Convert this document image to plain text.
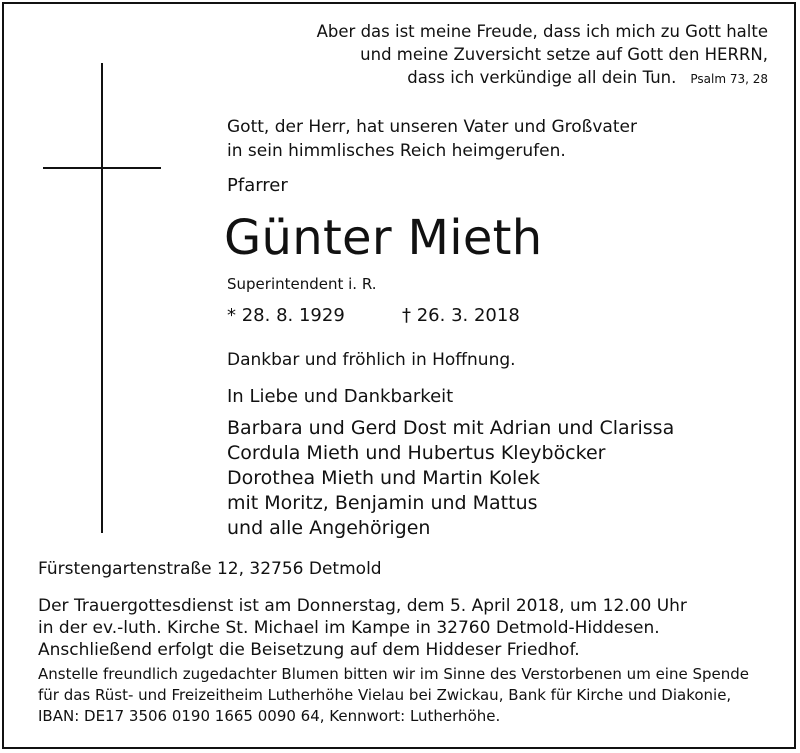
Aber das ist meine Freude, dass ich mich zu Gott halte
und meine Zuversicht setze auf Gott den HERRN,
dass ich verkündige all dein Tun. Psalm 73, 28
Gott, der Herr, hat unseren Vater und Großvater
in sein himmlisches Reich heimgerufen.
Pfarrer
Günter Mieth
Superintendent i. R.
* 28. 8. 1929	† 26. 3. 2018
Dankbar und fröhlich in Hoffnung.
In Liebe und Dankbarkeit
Barbara und Gerd Dost mit Adrian und Clarissa
Cordula Mieth und Hubertus Kleyböcker
Dorothea Mieth und Martin Kolek
mit Moritz, Benjamin und Mattus
und alle Angehörigen
Fürstengartenstraße 12, 32756 Detmold
Der Trauergottesdienst ist am Donnerstag, dem 5. April 2018, um 12.00 Uhr
in der ev.-luth. Kirche St. Michael im Kampe in 32760 Detmold-Hiddesen.
Anschließend erfolgt die Beisetzung auf dem Hiddeser Friedhof.
Anstelle freundlich zugedachter Blumen bitten wir im Sinne des Verstorbenen um eine Spende
für das Rüst- und Freizeitheim Lutherhöhe Vielau bei Zwickau, Bank für Kirche und Diakonie,
IBAN: DE17 3506 0190 1665 0090 64, Kennwort: Lutherhöhe.
